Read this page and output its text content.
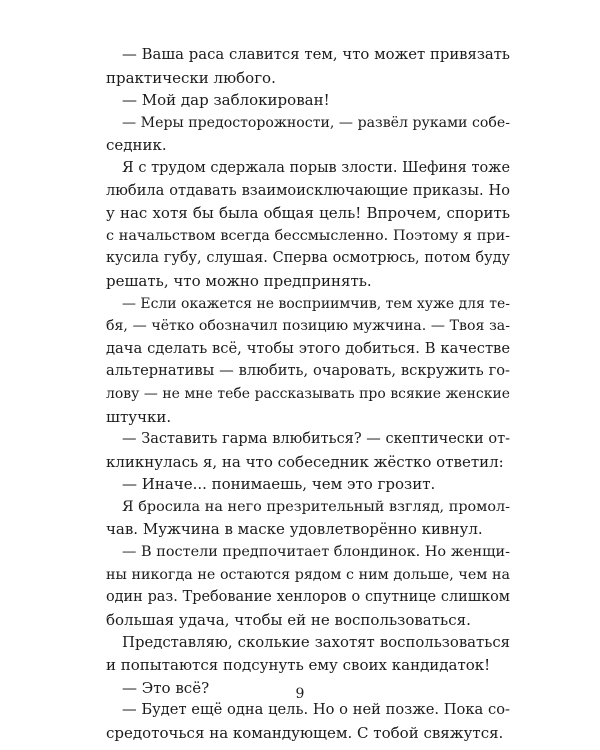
— Ваша раса славится тем, что может привязать
практически любого.
— Мой дар заблокирован!
— Меры предосторожности, — развёл руками собе-
седник.
Я с трудом сдержала порыв злости. Шефиня тоже
любила отдавать взаимоисключающие приказы. Но
у нас хотя бы была общая цель! Впрочем, спорить
с начальством всегда бессмысленно. Поэтому я при-
кусила губу, слушая. Сперва осмотрюсь, потом буду
решать, что можно предпринять.
— Если окажется не восприимчив, тем хуже для те-
бя, — чётко обозначил позицию мужчина. — Твоя за-
дача сделать всё, чтобы этого добиться. В качестве
альтернативы — влюбить, очаровать, вскружить го-
лову — не мне тебе рассказывать про всякие женские
штучки.
— Заставить гарма влюбиться? — скептически от-
кликнулась я, на что собеседник жёстко ответил:
— Иначе... понимаешь, чем это грозит.
Я бросила на него презрительный взгляд, промол-
чав. Мужчина в маске удовлетворённо кивнул.
— В постели предпочитает блондинок. Но женщи-
ны никогда не остаются рядом с ним дольше, чем на
один раз. Требование хенлоров о спутнице слишком
большая удача, чтобы ей не воспользоваться.
Представляю, сколькие захотят воспользоваться
и попытаются подсунуть ему своих кандидаток!
— Это всё?
— Будет ещё одна цель. Но о ней позже. Пока со-
средоточься на командующем. С тобой свяжутся.
9
